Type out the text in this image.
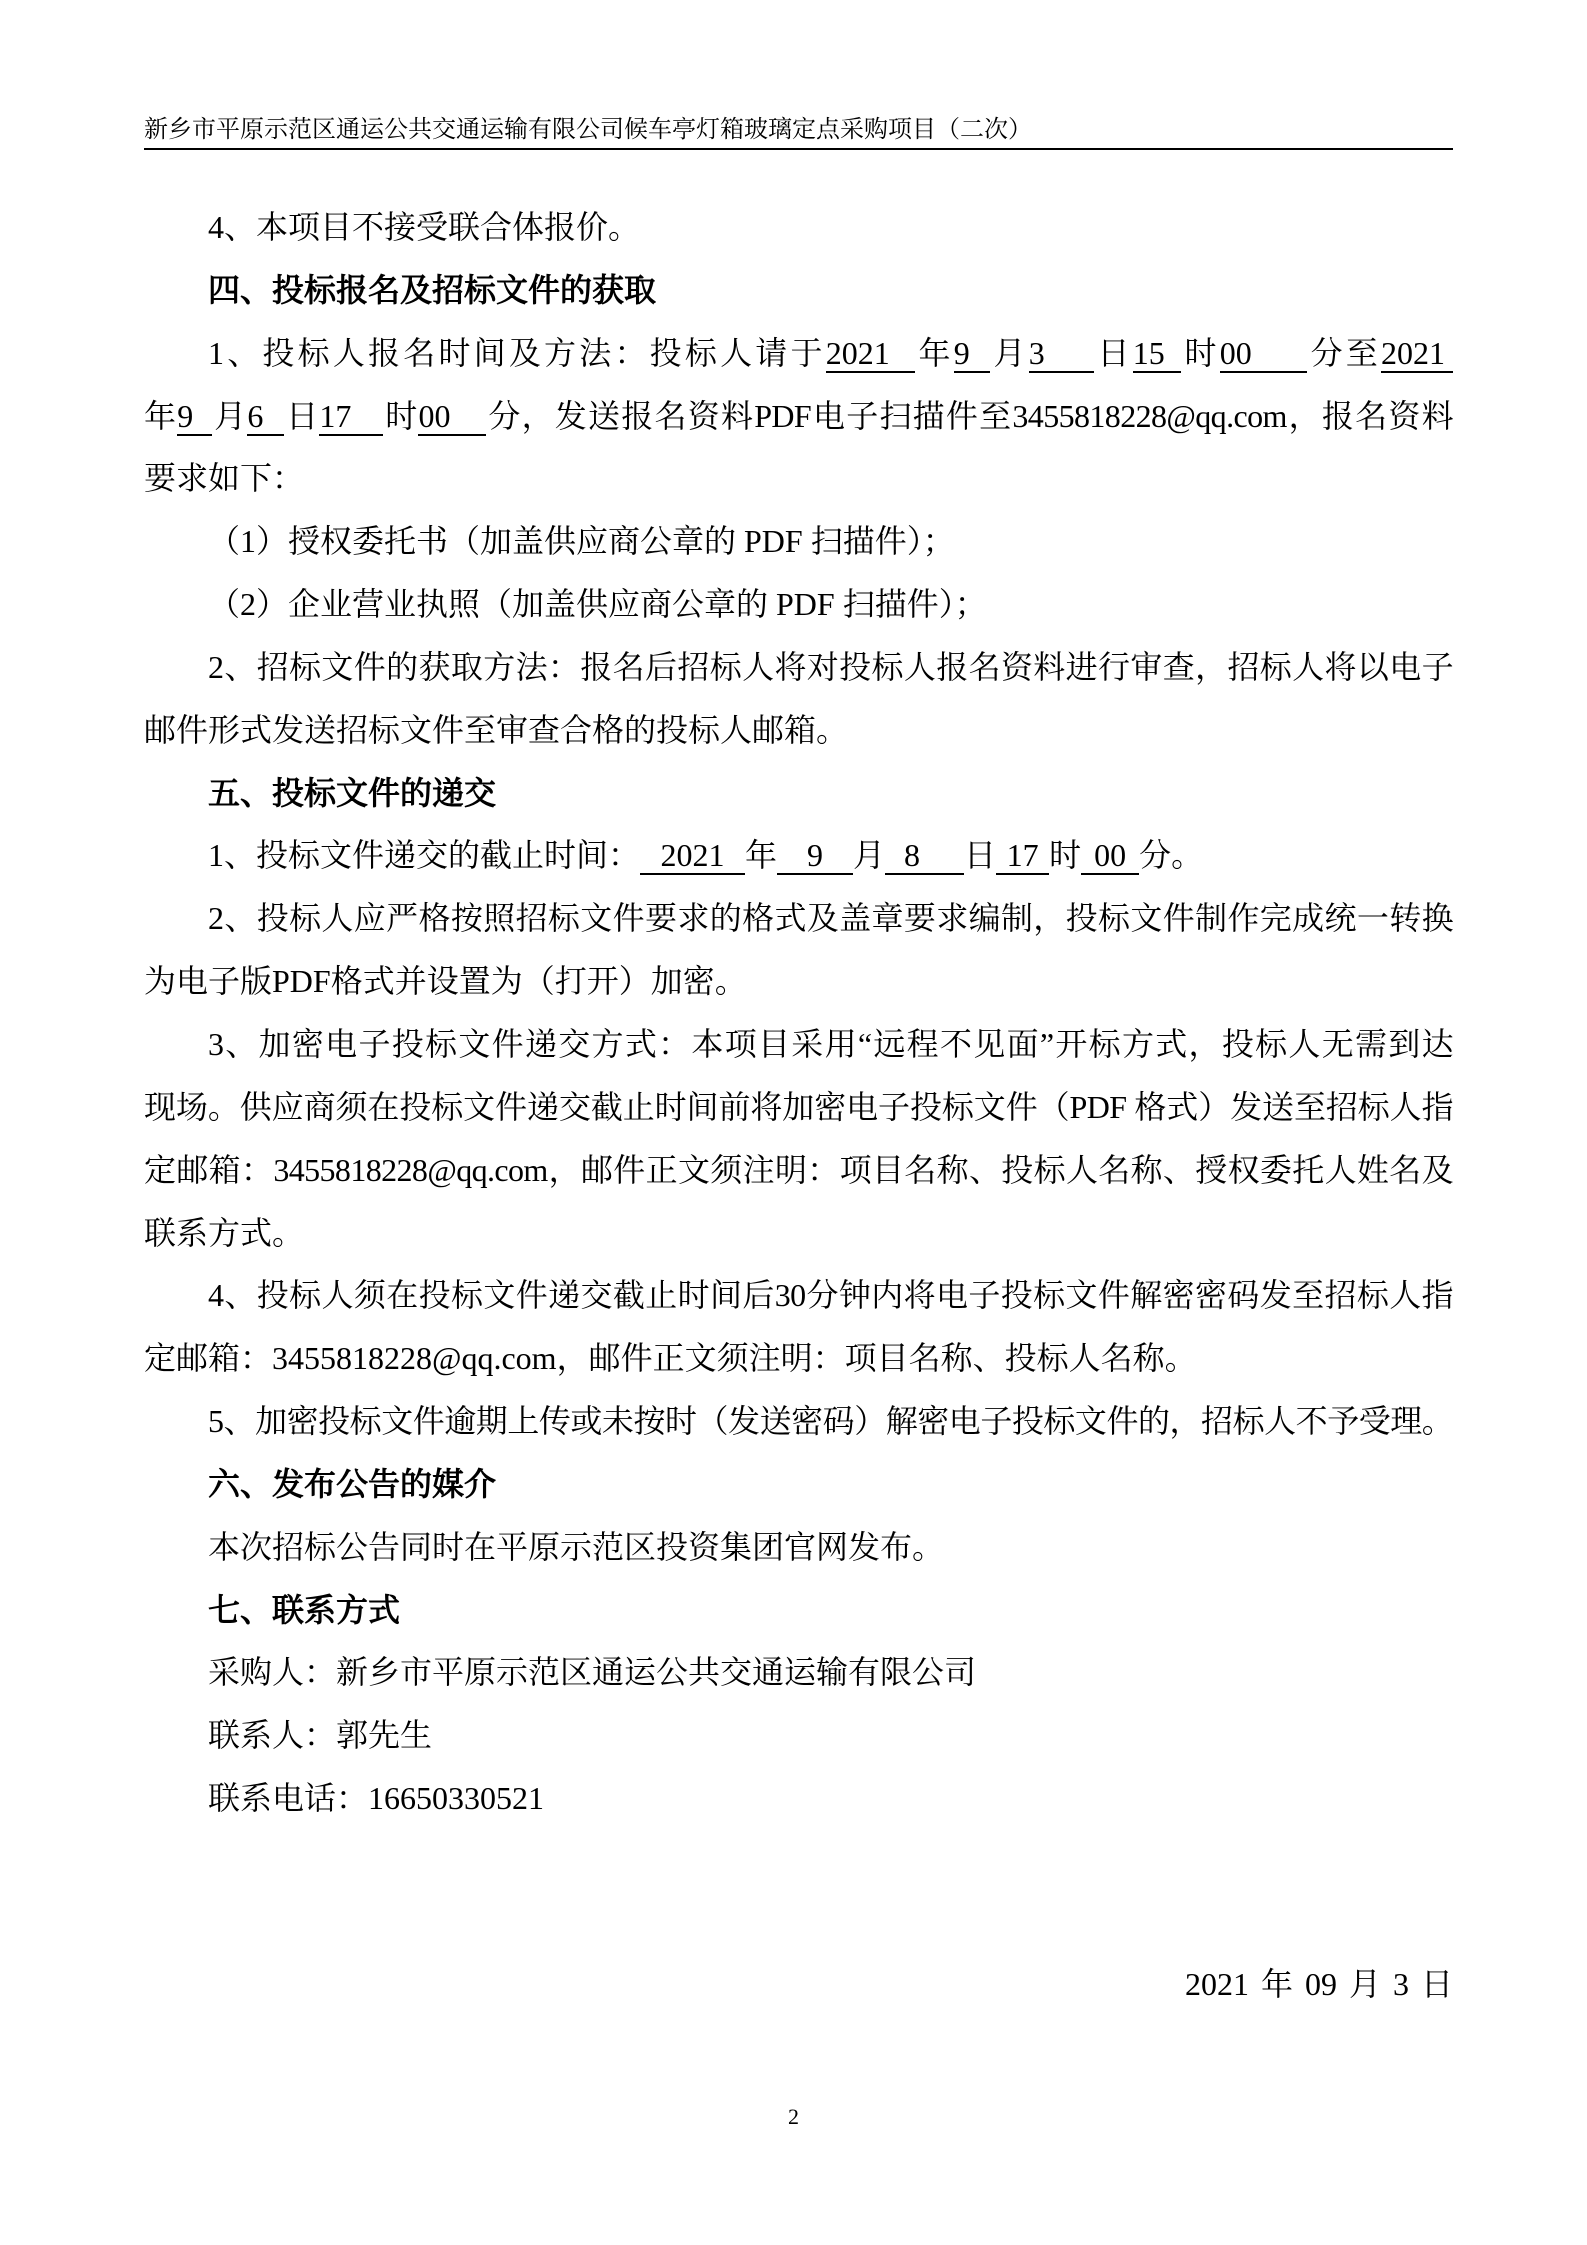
新乡市平原示范区通运公共交通运输有限公司候车亭灯箱玻璃定点采购项目（二次）
4、本项目不接受联合体报价。
四、投标报名及招标文件的获取
1、投标人报名时间及方法：投标人请于2021 年9 月3 日15 时00 分至2021
年9 月6 日17 时00 分，发送报名资料PDF电子扫描件至3455818228@qq.com，报名资料
要求如下：
（1）授权委托书（加盖供应商公章的 PDF 扫描件）；
（2）企业营业执照（加盖供应商公章的 PDF 扫描件）；
2、招标文件的获取方法：报名后招标人将对投标人报名资料进行审查，招标人将以电子
邮件形式发送招标文件至审查合格的投标人邮箱。
五、投标文件的递交
1、投标文件递交的截止时间： 2021 年 9 月 8 日 17 时 00 分。
2、投标人应严格按照招标文件要求的格式及盖章要求编制，投标文件制作完成统一转换
为电子版PDF格式并设置为（打开）加密。
3、加密电子投标文件递交方式：本项目采用“远程不见面”开标方式，投标人无需到达
现场。供应商须在投标文件递交截止时间前将加密电子投标文件（PDF 格式）发送至招标人指
定邮箱：3455818228@qq.com，邮件正文须注明：项目名称、投标人名称、授权委托人姓名及
联系方式。
4、投标人须在投标文件递交截止时间后30分钟内将电子投标文件解密密码发至招标人指
定邮箱：3455818228@qq.com，邮件正文须注明：项目名称、投标人名称。
5、加密投标文件逾期上传或未按时（发送密码）解密电子投标文件的，招标人不予受理。
六、发布公告的媒介
本次招标公告同时在平原示范区投资集团官网发布。
七、联系方式
采购人：新乡市平原示范区通运公共交通运输有限公司
联系人：郭先生
联系电话：16650330521
2021 年 09 月 3 日
2
